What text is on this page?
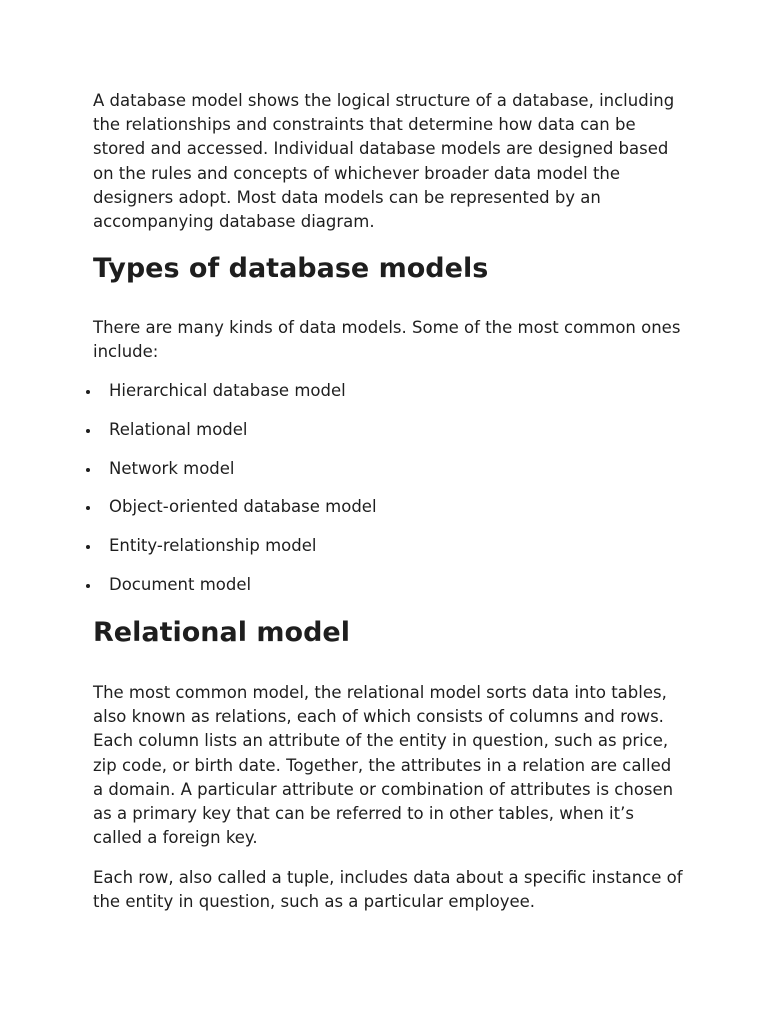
A database model shows the logical structure of a database, including the relationships and constraints that determine how data can be stored and accessed. Individual database models are designed based on the rules and concepts of whichever broader data model the designers adopt. Most data models can be represented by an accompanying database diagram.

Types of database models

There are many kinds of data models. Some of the most common ones include:

Hierarchical database model
Relational model
Network model
Object-oriented database model
Entity-relationship model
Document model
Relational model

The most common model, the relational model sorts data into tables, also known as relations, each of which consists of columns and rows. Each column lists an attribute of the entity in question, such as price, zip code, or birth date. Together, the attributes in a relation are called a domain. A particular attribute or combination of attributes is chosen as a primary key that can be referred to in other tables, when it’s called a foreign key.

Each row, also called a tuple, includes data about a specific instance of the entity in question, such as a particular employee.
